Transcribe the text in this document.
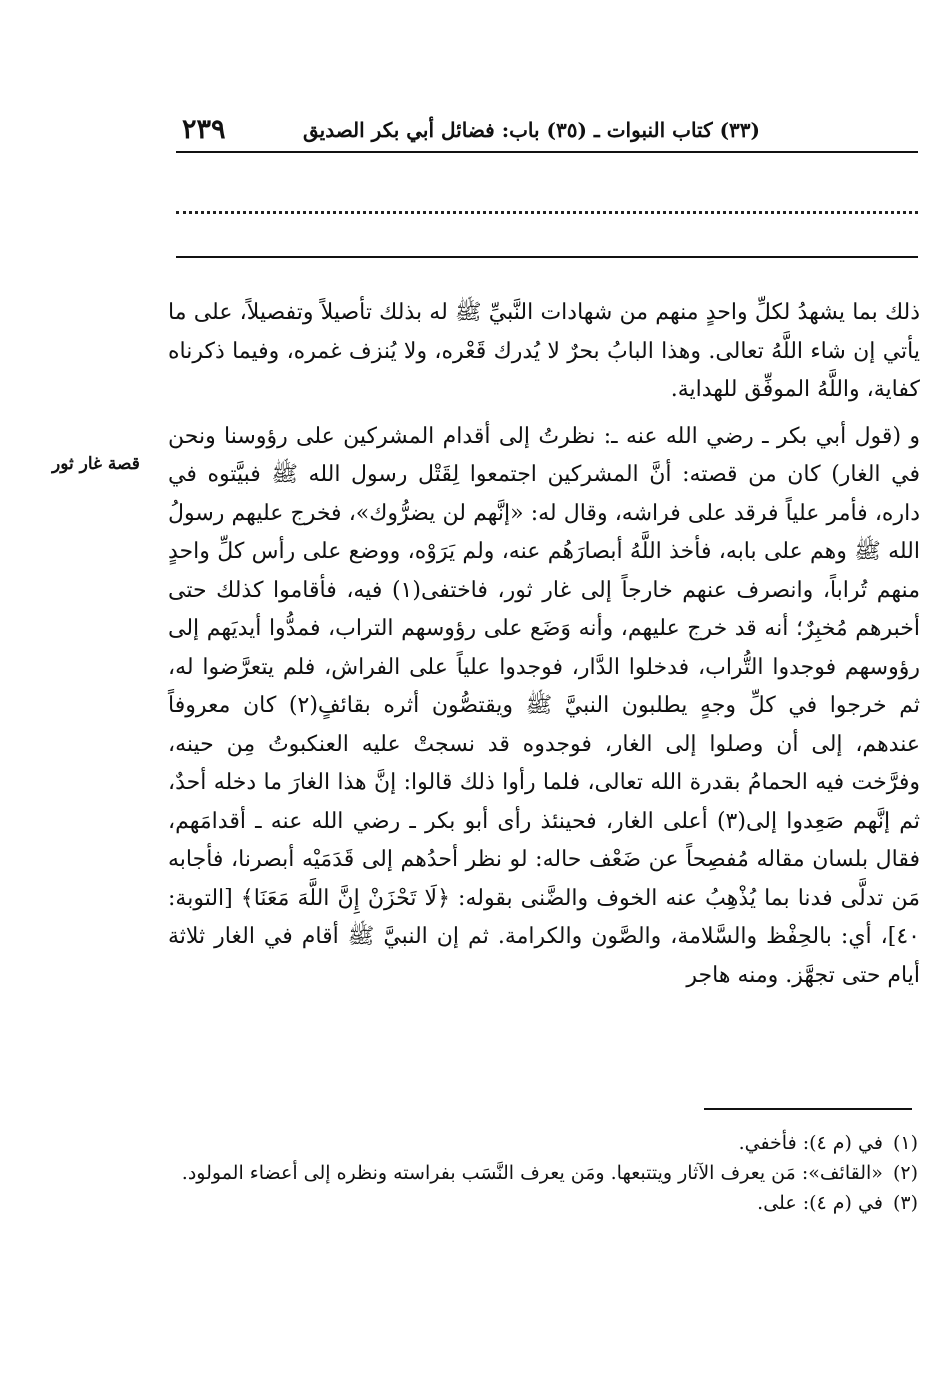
٢٣٩	(٣٣) كتاب النبوات ـ (٣٥) باب: فضائل أبي بكر الصديق

ذلك بما يشهدُ لكلِّ واحدٍ منهم من شهادات النَّبيِّ ﷺ له بذلك تأصيلاً وتفصيلاً، على ما يأتي إن شاء اللَّهُ تعالى. وهذا البابُ بحرٌ لا يُدرك قَعْره، ولا يُنزف غمره، وفيما ذكرناه كفاية، واللَّهُ الموفِّق للهداية.

و (قول أبي بكر ـ رضي الله عنه ـ: نظرتُ إلى أقدام المشركين على رؤوسنا ونحن في الغار) كان من قصته: أنَّ المشركين اجتمعوا لِقَتْل رسول الله ﷺ فبيَّتوه في داره، فأمر علياً فرقد على فراشه، وقال له: «إنَّهم لن يضرُّوك»، فخرج عليهم رسولُ الله ﷺ وهم على بابه، فأخذ اللَّهُ أبصارَهُم عنه، ولم يَرَوْه، ووضع على رأس كلِّ واحدٍ منهم تُراباً، وانصرف عنهم خارجاً إلى غار ثور، فاختفى(١) فيه، فأقاموا كذلك حتى أخبرهم مُخبِرٌ؛ أنه قد خرج عليهم، وأنه وَضَع على رؤوسهم التراب، فمدُّوا أيديَهم إلى رؤوسهم فوجدوا التُّراب، فدخلوا الدَّار، فوجدوا علياً على الفراش، فلم يتعرَّضوا له، ثم خرجوا في كلِّ وجهٍ يطلبون النبيَّ ﷺ ويقتصُّون أثره بقائفٍ(٢) كان معروفاً عندهم، إلى أن وصلوا إلى الغار، فوجدوه قد نسجتْ عليه العنكبوتُ مِن حينه، وفرَّخت فيه الحمامُ بقدرة الله تعالى، فلما رأوا ذلك قالوا: إنَّ هذا الغارَ ما دخله أحدٌ، ثم إنَّهم صَعِدوا إلى(٣) أعلى الغار، فحينئذ رأى أبو بكر ـ رضي الله عنه ـ أقدامَهم، فقال بلسان مقاله مُفصِحاً عن ضَعْف حاله: لو نظر أحدُهم إلى قَدَمَيْه أبصرنا، فأجابه مَن تدلَّى فدنا بما يُذْهِبُ عنه الخوف والضَّنى بقوله: ﴿لَا تَحْزَنْ إِنَّ اللَّهَ مَعَنَا﴾ [التوبة: ٤٠]، أي: بالحِفْظ والسَّلامة، والصَّون والكرامة. ثم إن النبيَّ ﷺ أقام في الغار ثلاثة أيام حتى تجهَّز. ومنه هاجر

قصة غار ثور
(١)
في (م ٤): فأخفي.
(٢)
«القائف»: مَن يعرف الآثار ويتتبعها. ومَن يعرف النَّسَب بفراسته ونظره إلى أعضاء المولود.
(٣)
في (م ٤): على.
